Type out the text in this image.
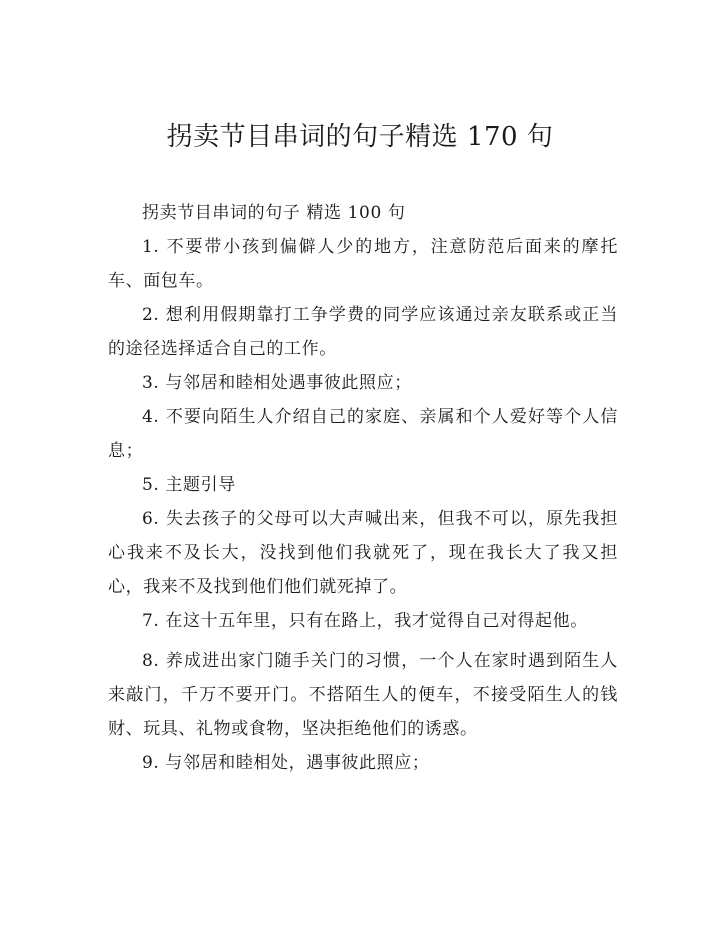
拐卖节目串词的句子精选 170 句

拐卖节目串词的句子 精选 100 句

1. 不要带小孩到偏僻人少的地方，注意防范后面来的摩托车、面包车。

2. 想利用假期靠打工争学费的同学应该通过亲友联系或正当的途径选择适合自己的工作。

3. 与邻居和睦相处遇事彼此照应；

4. 不要向陌生人介绍自己的家庭、亲属和个人爱好等个人信息；

5. 主题引导

6. 失去孩子的父母可以大声喊出来，但我不可以，原先我担心我来不及长大，没找到他们我就死了，现在我长大了我又担心，我来不及找到他们他们就死掉了。

7. 在这十五年里，只有在路上，我才觉得自己对得起他。

8. 养成进出家门随手关门的习惯，一个人在家时遇到陌生人来敲门，千万不要开门。不搭陌生人的便车，不接受陌生人的钱财、玩具、礼物或食物，坚决拒绝他们的诱惑。

9. 与邻居和睦相处，遇事彼此照应；
